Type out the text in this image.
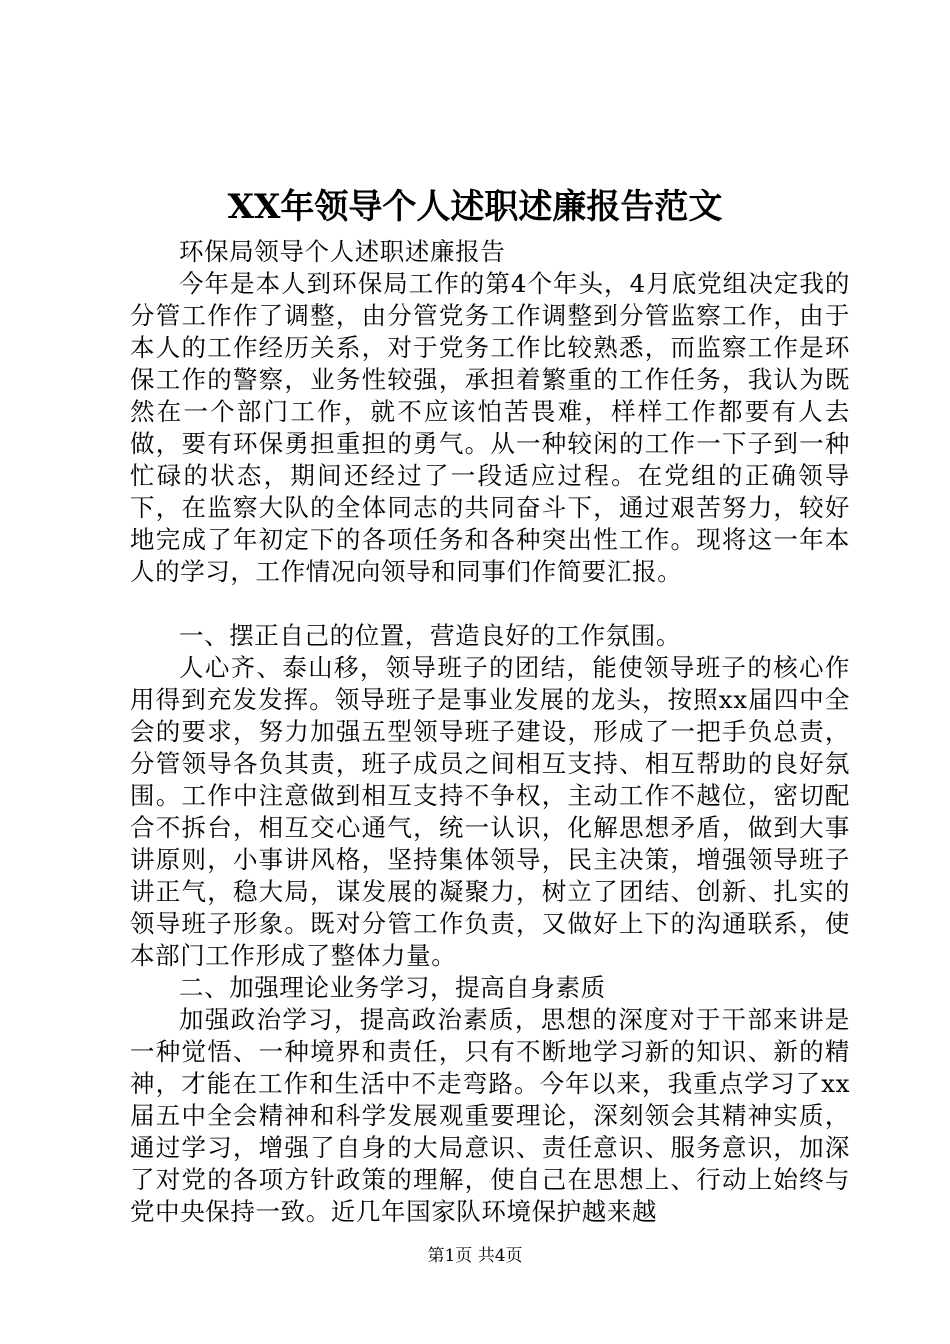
XX年领导个人述职述廉报告范文

环保局领导个人述职述廉报告

今年是本人到环保局工作的第4个年头，4月底党组决定我的分管工作作了调整，由分管党务工作调整到分管监察工作，由于本人的工作经历关系，对于党务工作比较熟悉，而监察工作是环保工作的警察，业务性较强，承担着繁重的工作任务，我认为既然在一个部门工作，就不应该怕苦畏难，样样工作都要有人去做，要有环保勇担重担的勇气。从一种较闲的工作一下子到一种忙碌的状态，期间还经过了一段适应过程。在党组的正确领导下，在监察大队的全体同志的共同奋斗下，通过艰苦努力，较好地完成了年初定下的各项任务和各种突出性工作。现将这一年本人的学习，工作情况向领导和同事们作简要汇报。

一、摆正自己的位置，营造良好的工作氛围。

人心齐、泰山移，领导班子的团结，能使领导班子的核心作用得到充发发挥。领导班子是事业发展的龙头，按照xx届四中全会的要求，努力加强五型领导班子建设，形成了一把手负总责，分管领导各负其责，班子成员之间相互支持、相互帮助的良好氛围。工作中注意做到相互支持不争权，主动工作不越位，密切配合不拆台，相互交心通气，统一认识，化解思想矛盾，做到大事讲原则，小事讲风格，坚持集体领导，民主决策，增强领导班子讲正气，稳大局，谋发展的凝聚力，树立了团结、创新、扎实的领导班子形象。既对分管工作负责，又做好上下的沟通联系，使本部门工作形成了整体力量。

二、加强理论业务学习，提高自身素质

加强政治学习，提高政治素质，思想的深度对于干部来讲是一种觉悟、一种境界和责任，只有不断地学习新的知识、新的精神，才能在工作和生活中不走弯路。今年以来，我重点学习了xx届五中全会精神和科学发展观重要理论，深刻领会其精神实质，通过学习，增强了自身的大局意识、责任意识、服务意识，加深了对党的各项方针政策的理解，使自己在思想上、行动上始终与党中央保持一致。近几年国家队环境保护越来越

第1页 共4页
